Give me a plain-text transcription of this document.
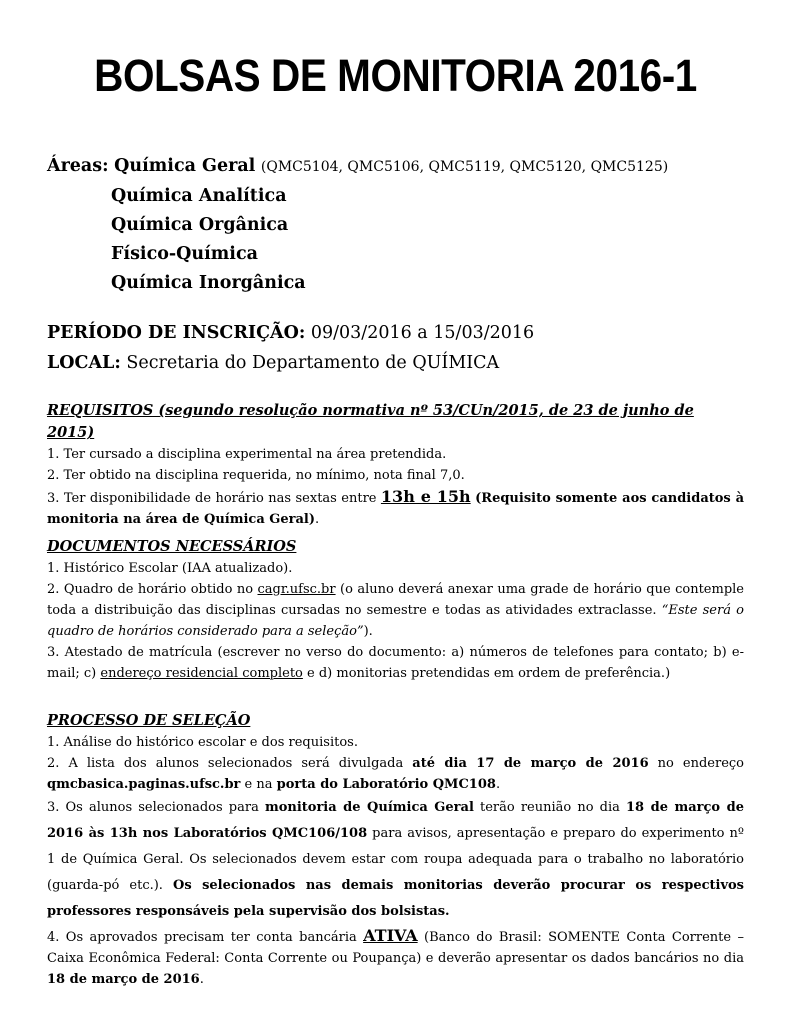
BOLSAS DE MONITORIA 2016-1
Áreas: Química Geral (QMC5104, QMC5106, QMC5119, QMC5120, QMC5125)
Química Analítica
Química Orgânica
Físico-Química
Química Inorgânica
PERÍODO DE INSCRIÇÃO: 09/03/2016 a 15/03/2016
LOCAL: Secretaria do Departamento de QUÍMICA
REQUISITOS (segundo resolução normativa nº 53/CUn/2015, de 23 de junho de 2015)

1. Ter cursado a disciplina experimental na área pretendida.

2. Ter obtido na disciplina requerida, no mínimo, nota final 7,0.

3. Ter disponibilidade de horário nas sextas entre 13h e 15h (Requisito somente aos candidatos à monitoria na área de Química Geral).

DOCUMENTOS NECESSÁRIOS

1. Histórico Escolar (IAA atualizado).

2. Quadro de horário obtido no cagr.ufsc.br (o aluno deverá anexar uma grade de horário que contemple toda a distribuição das disciplinas cursadas no semestre e todas as atividades extraclasse. “Este será o quadro de horários considerado para a seleção”).

3. Atestado de matrícula (escrever no verso do documento: a) números de telefones para contato; b) e-mail; c) endereço residencial completo e d) monitorias pretendidas em ordem de preferência.)

PROCESSO DE SELEÇÃO

1. Análise do histórico escolar e dos requisitos.

2. A lista dos alunos selecionados será divulgada até dia 17 de março de 2016 no endereço qmcbasica.paginas.ufsc.br e na porta do Laboratório QMC108.

3. Os alunos selecionados para monitoria de Química Geral terão reunião no dia 18 de março de 2016 às 13h nos Laboratórios QMC106/108 para avisos, apresentação e preparo do experimento nº 1 de Química Geral. Os selecionados devem estar com roupa adequada para o trabalho no laboratório (guarda-pó etc.). Os selecionados nas demais monitorias deverão procurar os respectivos professores responsáveis pela supervisão dos bolsistas.

4. Os aprovados precisam ter conta bancária ATIVA (Banco do Brasil: SOMENTE Conta Corrente – Caixa Econômica Federal: Conta Corrente ou Poupança) e deverão apresentar os dados bancários no dia 18 de março de 2016.
